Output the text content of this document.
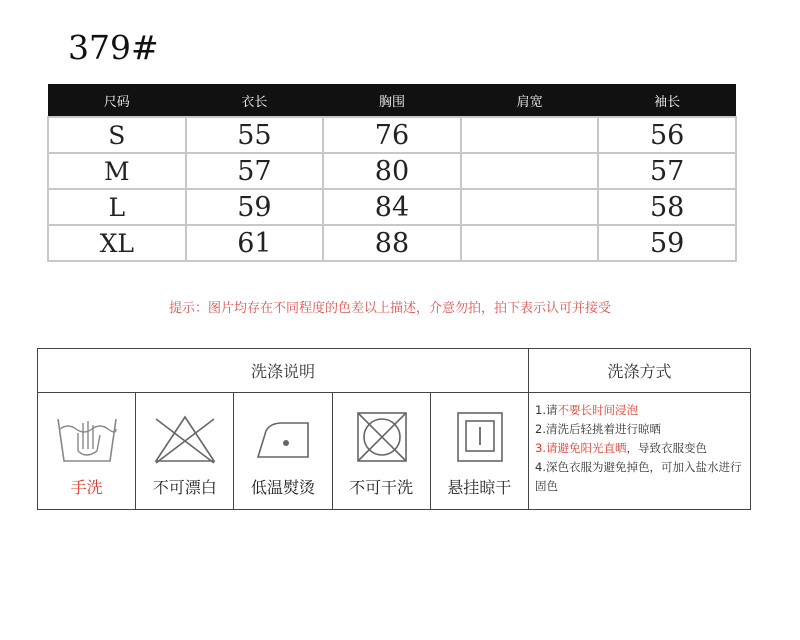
379#
尺码	衣长	胸围	肩宽	袖长
S	55	76		56
M	57	80		57
L	59	84		58
XL	61	88		59
提示：图片均存在不同程度的色差以上描述，介意勿拍，拍下表示认可并接受
洗涤说明	洗涤方式
手洗	不可漂白	低温熨烫	不可干洗	悬挂晾干
1.请不要长时间浸泡
2.清洗后轻挑着进行晾晒
3.请避免阳光直晒，导致衣服变色
4.深色衣服为避免掉色，可加入盐水进行固色
